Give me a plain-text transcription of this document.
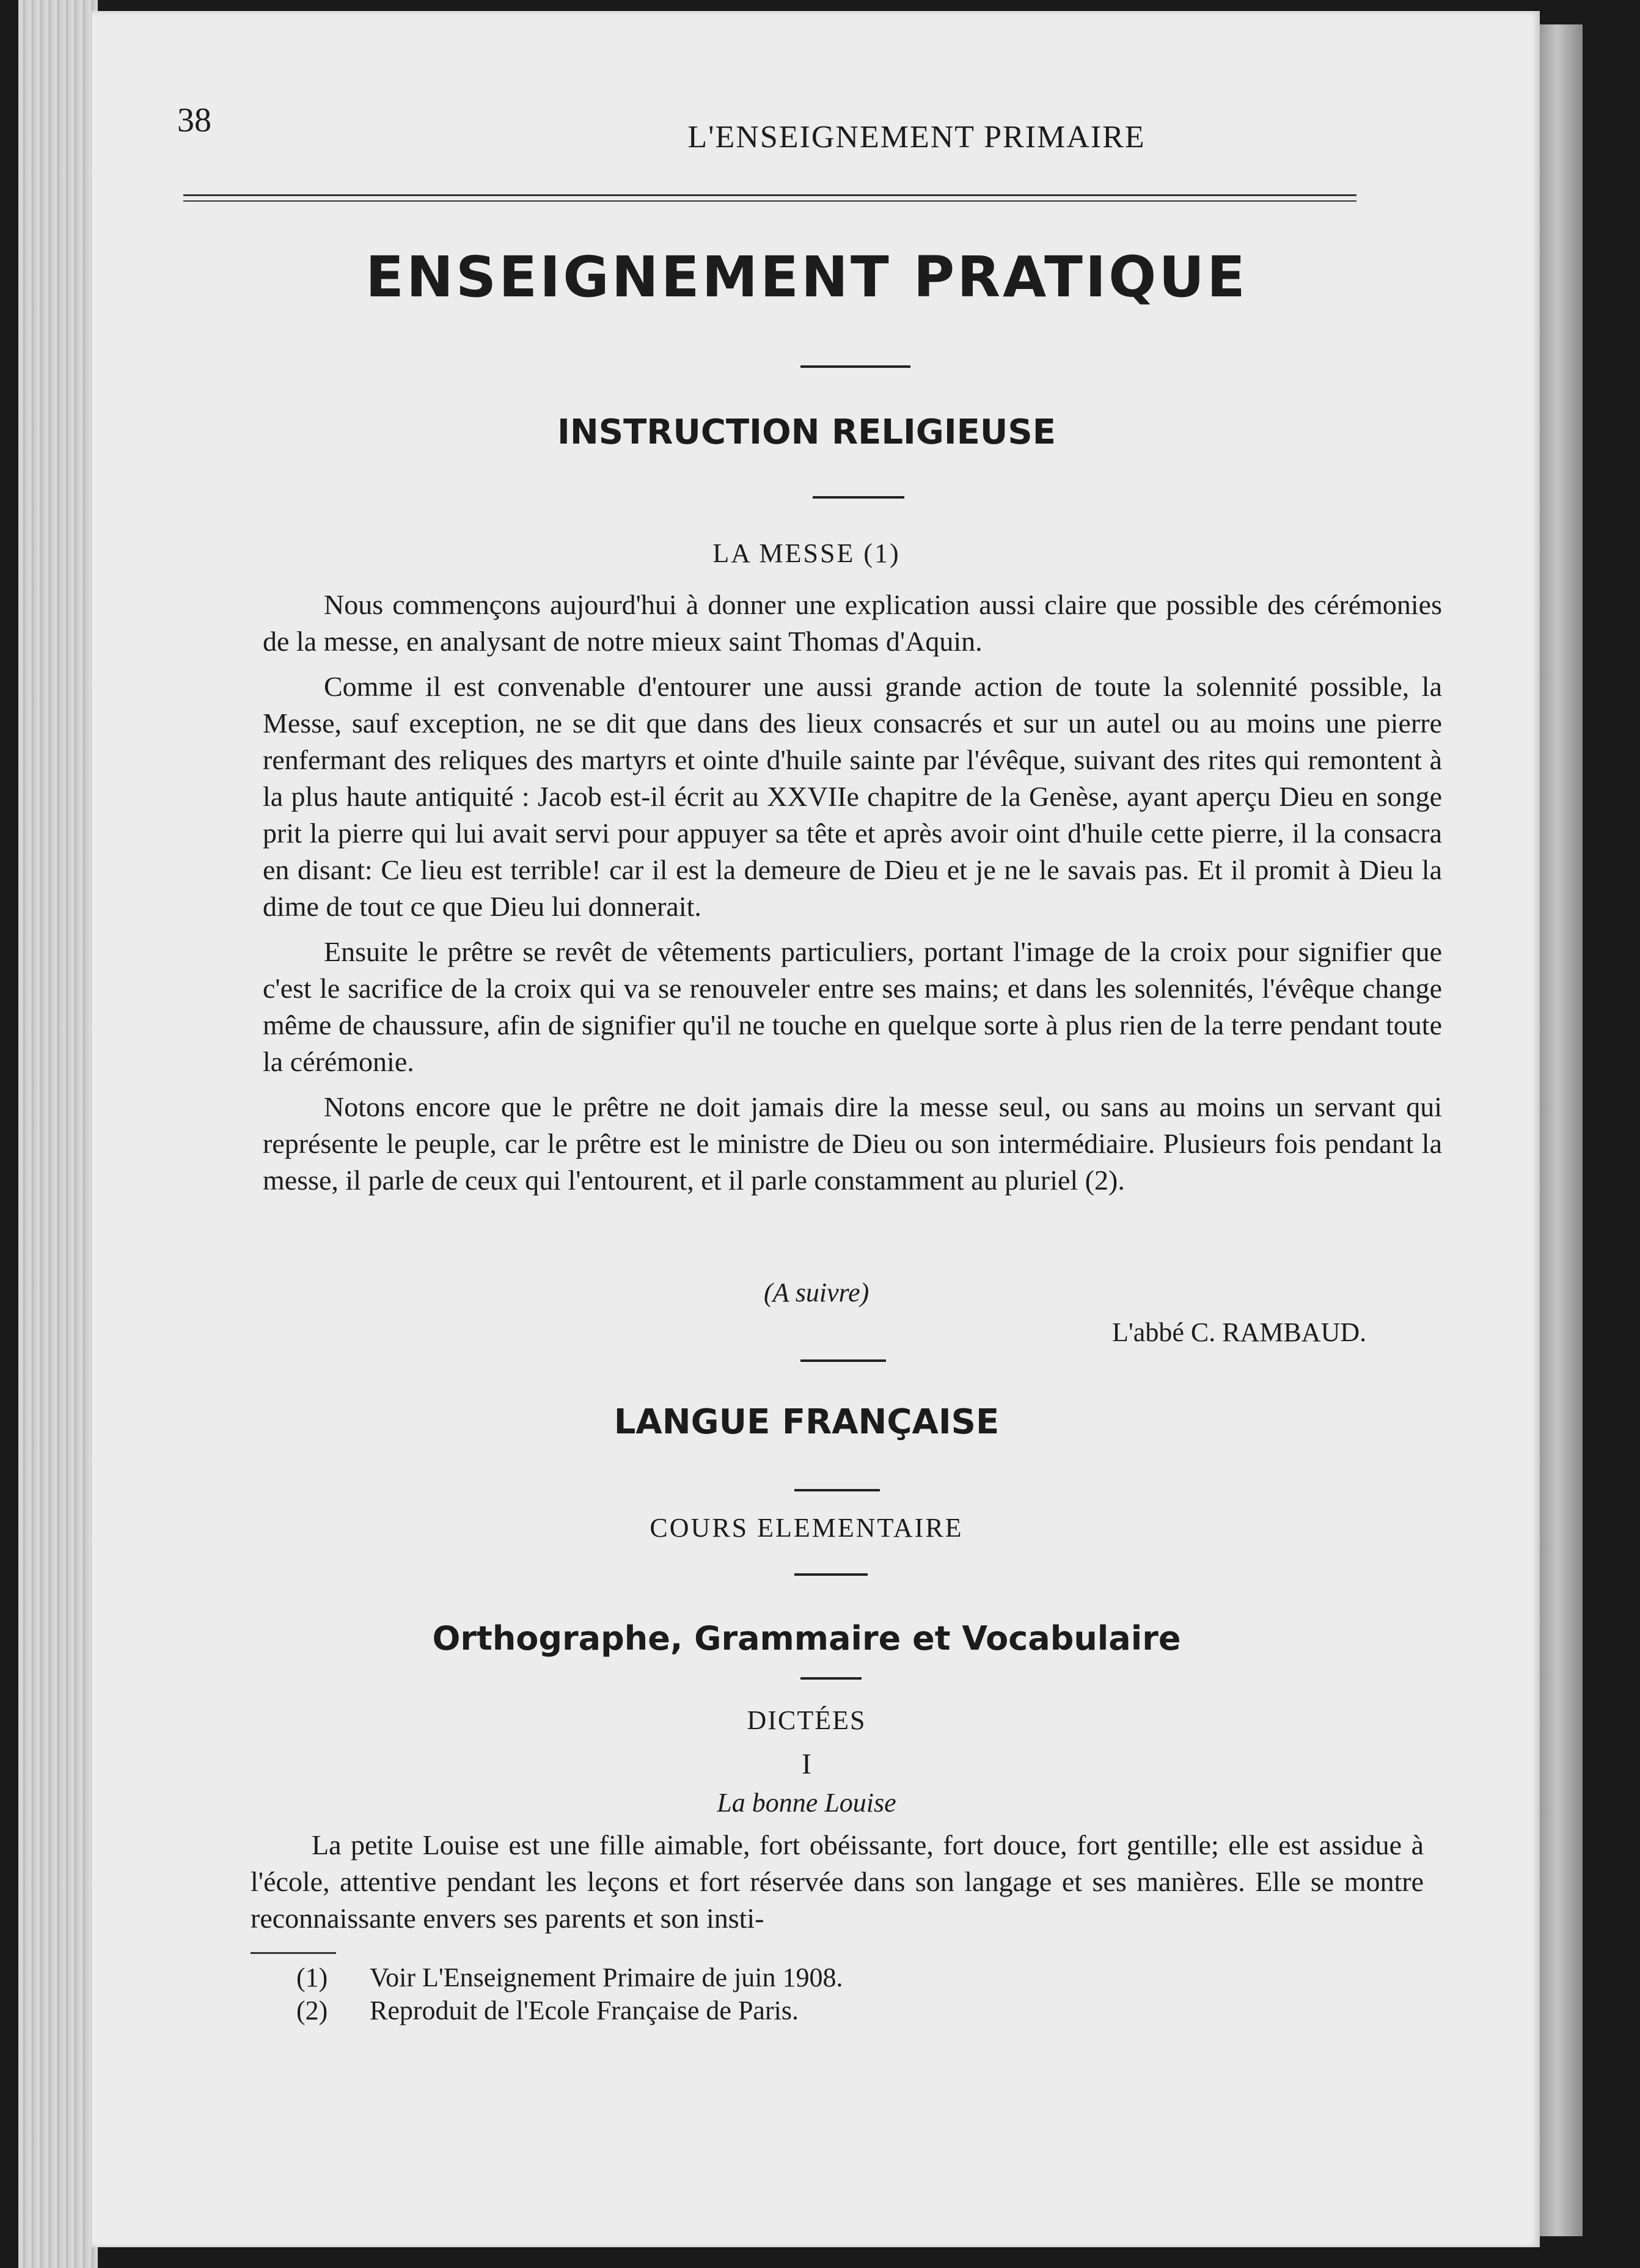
38	L'ENSEIGNEMENT PRIMAIRE
ENSEIGNEMENT PRATIQUE
INSTRUCTION RELIGIEUSE
LA MESSE (1)

Nous commençons aujourd'hui à donner une explication aussi claire que possible des cérémonies de la messe, en analysant de notre mieux saint Thomas d'Aquin.

Comme il est convenable d'entourer une aussi grande action de toute la solennité possible, la Messe, sauf exception, ne se dit que dans des lieux consacrés et sur un autel ou au moins une pierre renfermant des reliques des martyrs et ointe d'huile sainte par l'évêque, suivant des rites qui remontent à la plus haute antiquité : Jacob est-il écrit au XXVIIe chapitre de la Genèse, ayant aperçu Dieu en songe prit la pierre qui lui avait servi pour appuyer sa tête et après avoir oint d'huile cette pierre, il la consacra en disant: Ce lieu est terrible! car il est la demeure de Dieu et je ne le savais pas. Et il promit à Dieu la dime de tout ce que Dieu lui donnerait.

Ensuite le prêtre se revêt de vêtements particuliers, portant l'image de la croix pour signifier que c'est le sacrifice de la croix qui va se renouveler entre ses mains; et dans les solennités, l'évêque change même de chaussure, afin de signifier qu'il ne touche en quelque sorte à plus rien de la terre pendant toute la cérémonie.

Notons encore que le prêtre ne doit jamais dire la messe seul, ou sans au moins un servant qui représente le peuple, car le prêtre est le ministre de Dieu ou son intermédiaire. Plusieurs fois pendant la messe, il parle de ceux qui l'entourent, et il parle constamment au pluriel (2).

(A suivre)
L'abbé C. RAMBAUD.
LANGUE FRANÇAISE
COURS ELEMENTAIRE
Orthographe, Grammaire et Vocabulaire
DICTÉES
I
La bonne Louise

La petite Louise est une fille aimable, fort obéissante, fort douce, fort gentille; elle est assidue à l'école, attentive pendant les leçons et fort réservée dans son langage et ses manières. Elle se montre reconnaissante envers ses parents et son insti-

(1) Voir L'Enseignement Primaire de juin 1908.
(2) Reproduit de l'Ecole Française de Paris.
